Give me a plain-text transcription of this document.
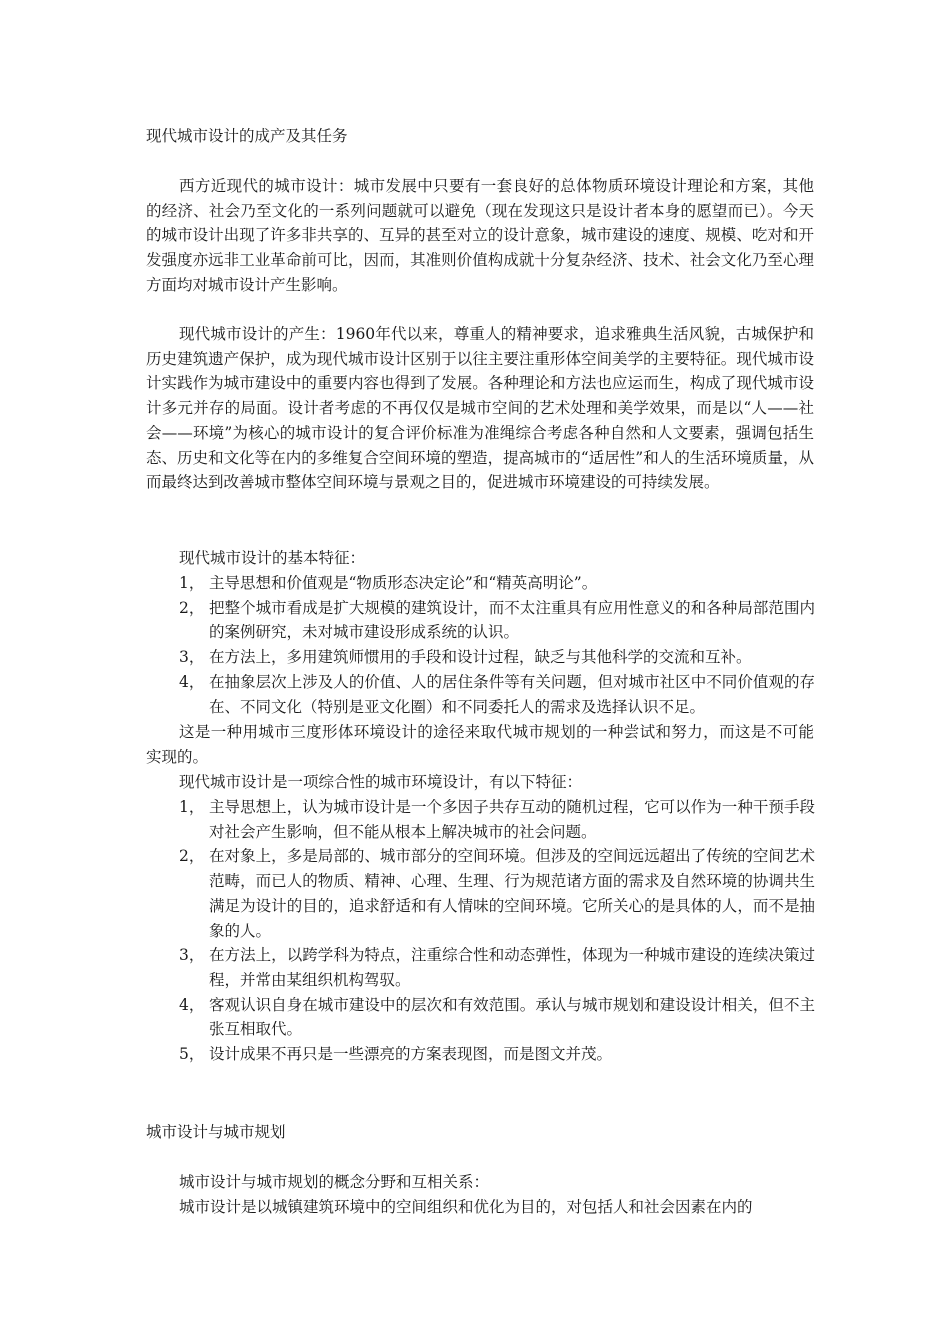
现代城市设计的成产及其任务

西方近现代的城市设计：城市发展中只要有一套良好的总体物质环境设计理论和方案，其他的经济、社会乃至文化的一系列问题就可以避免（现在发现这只是设计者本身的愿望而已）。今天的城市设计出现了许多非共享的、互异的甚至对立的设计意象，城市建设的速度、规模、吃对和开发强度亦远非工业革命前可比，因而，其准则价值构成就十分复杂经济、技术、社会文化乃至心理方面均对城市设计产生影响。

现代城市设计的产生：1960年代以来，尊重人的精神要求，追求雅典生活风貌，古城保护和历史建筑遗产保护，成为现代城市设计区别于以往主要注重形体空间美学的主要特征。现代城市设计实践作为城市建设中的重要内容也得到了发展。各种理论和方法也应运而生，构成了现代城市设计多元并存的局面。设计者考虑的不再仅仅是城市空间的艺术处理和美学效果，而是以“人——社会——环境”为核心的城市设计的复合评价标准为准绳综合考虑各种自然和人文要素，强调包括生态、历史和文化等在内的多维复合空间环境的塑造，提高城市的“适居性”和人的生活环境质量，从而最终达到改善城市整体空间环境与景观之目的，促进城市环境建设的可持续发展。

现代城市设计的基本特征：

1， 主导思想和价值观是“物质形态决定论”和“精英高明论”。
2， 把整个城市看成是扩大规模的建筑设计，而不太注重具有应用性意义的和各种局部范围内的案例研究，未对城市建设形成系统的认识。
3， 在方法上，多用建筑师惯用的手段和设计过程，缺乏与其他科学的交流和互补。
4， 在抽象层次上涉及人的价值、人的居住条件等有关问题，但对城市社区中不同价值观的存在、不同文化（特别是亚文化圈）和不同委托人的需求及选择认识不足。

这是一种用城市三度形体环境设计的途径来取代城市规划的一种尝试和努力，而这是不可能实现的。

现代城市设计是一项综合性的城市环境设计，有以下特征：

1， 主导思想上，认为城市设计是一个多因子共存互动的随机过程，它可以作为一种干预手段对社会产生影响，但不能从根本上解决城市的社会问题。
2， 在对象上，多是局部的、城市部分的空间环境。但涉及的空间远远超出了传统的空间艺术范畴，而已人的物质、精神、心理、生理、行为规范诸方面的需求及自然环境的协调共生满足为设计的目的，追求舒适和有人情味的空间环境。它所关心的是具体的人，而不是抽象的人。
3， 在方法上，以跨学科为特点，注重综合性和动态弹性，体现为一种城市建设的连续决策过程，并常由某组织机构驾驭。
4， 客观认识自身在城市建设中的层次和有效范围。承认与城市规划和建设设计相关，但不主张互相取代。
5， 设计成果不再只是一些漂亮的方案表现图，而是图文并茂。

城市设计与城市规划

城市设计与城市规划的概念分野和互相关系：

城市设计是以城镇建筑环境中的空间组织和优化为目的，对包括人和社会因素在内的
